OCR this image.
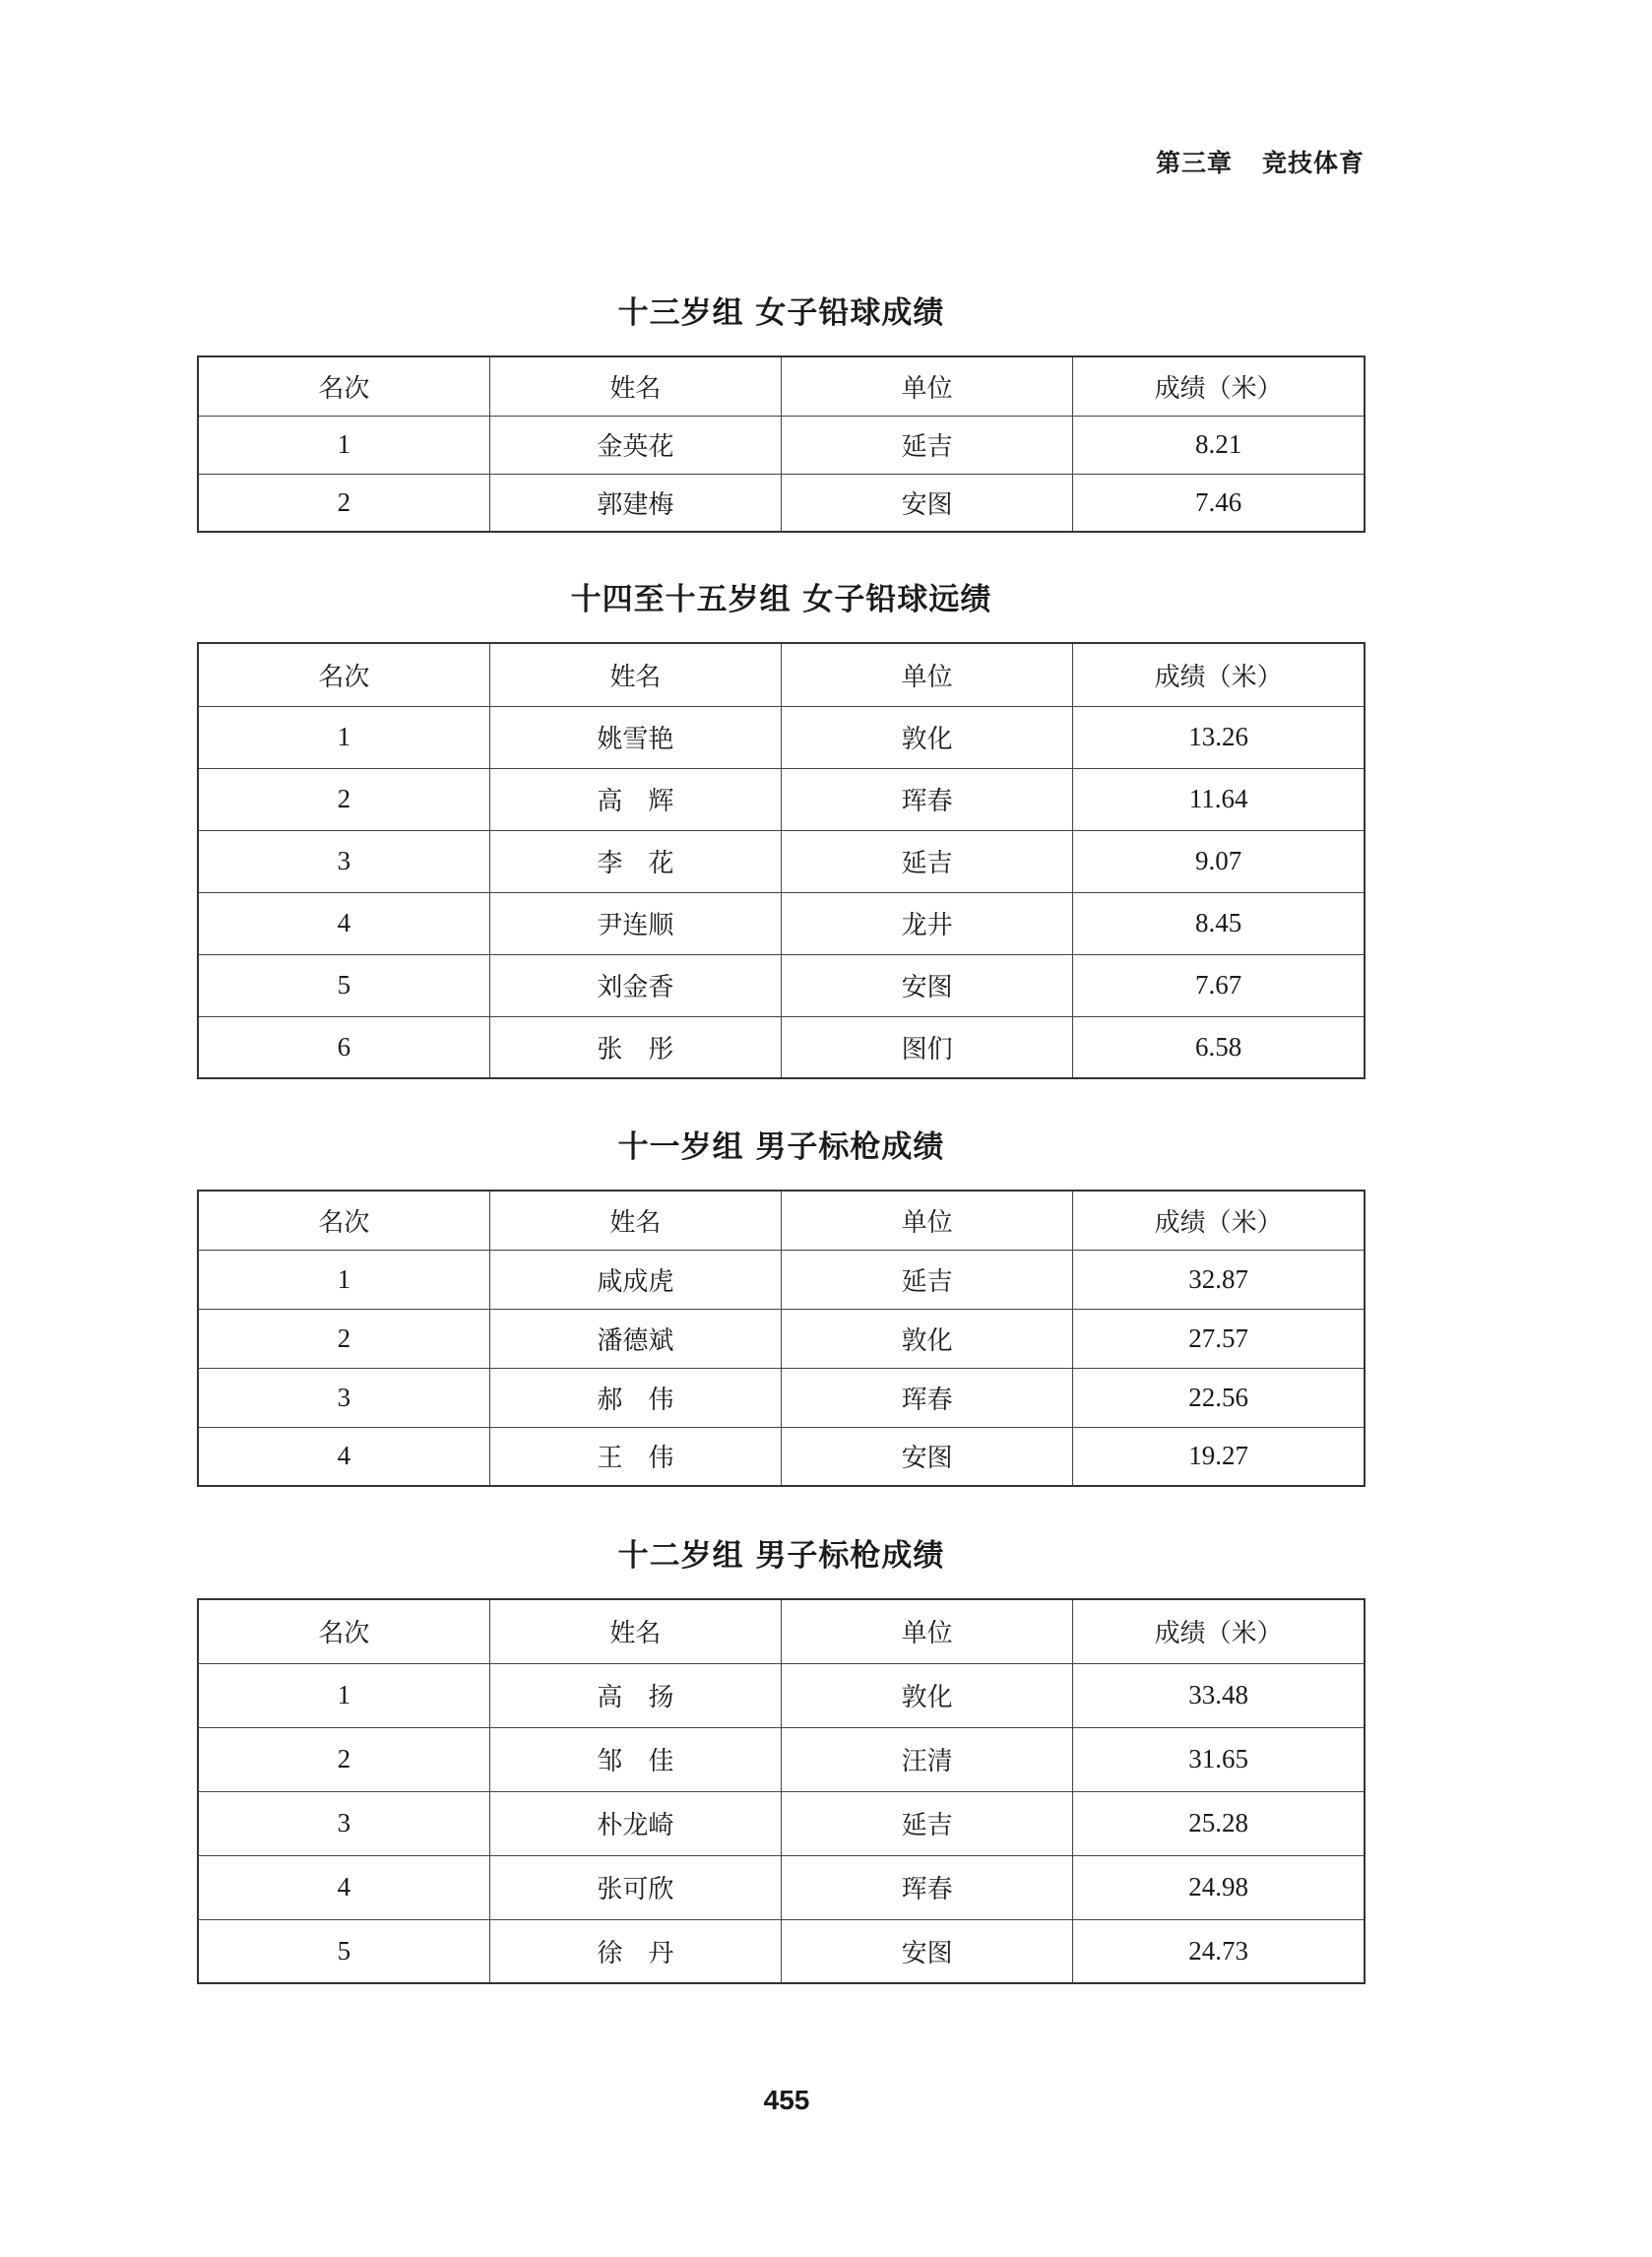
第三章 竞技体育
十三岁组 女子铅球成绩
名次	姓名	单位	成绩（米）
1	金英花	延吉	8.21
2	郭建梅	安图	7.46
十四至十五岁组 女子铅球远绩
名次	姓名	单位	成绩（米）
1	姚雪艳	敦化	13.26
2	高　辉	珲春	11.64
3	李　花	延吉	9.07
4	尹连顺	龙井	8.45
5	刘金香	安图	7.67
6	张　彤	图们	6.58
十一岁组 男子标枪成绩
名次	姓名	单位	成绩（米）
1	咸成虎	延吉	32.87
2	潘德斌	敦化	27.57
3	郝　伟	珲春	22.56
4	王　伟	安图	19.27
十二岁组 男子标枪成绩
名次	姓名	单位	成绩（米）
1	高　扬	敦化	33.48
2	邹　佳	汪清	31.65
3	朴龙崎	延吉	25.28
4	张可欣	珲春	24.98
5	徐　丹	安图	24.73
455
